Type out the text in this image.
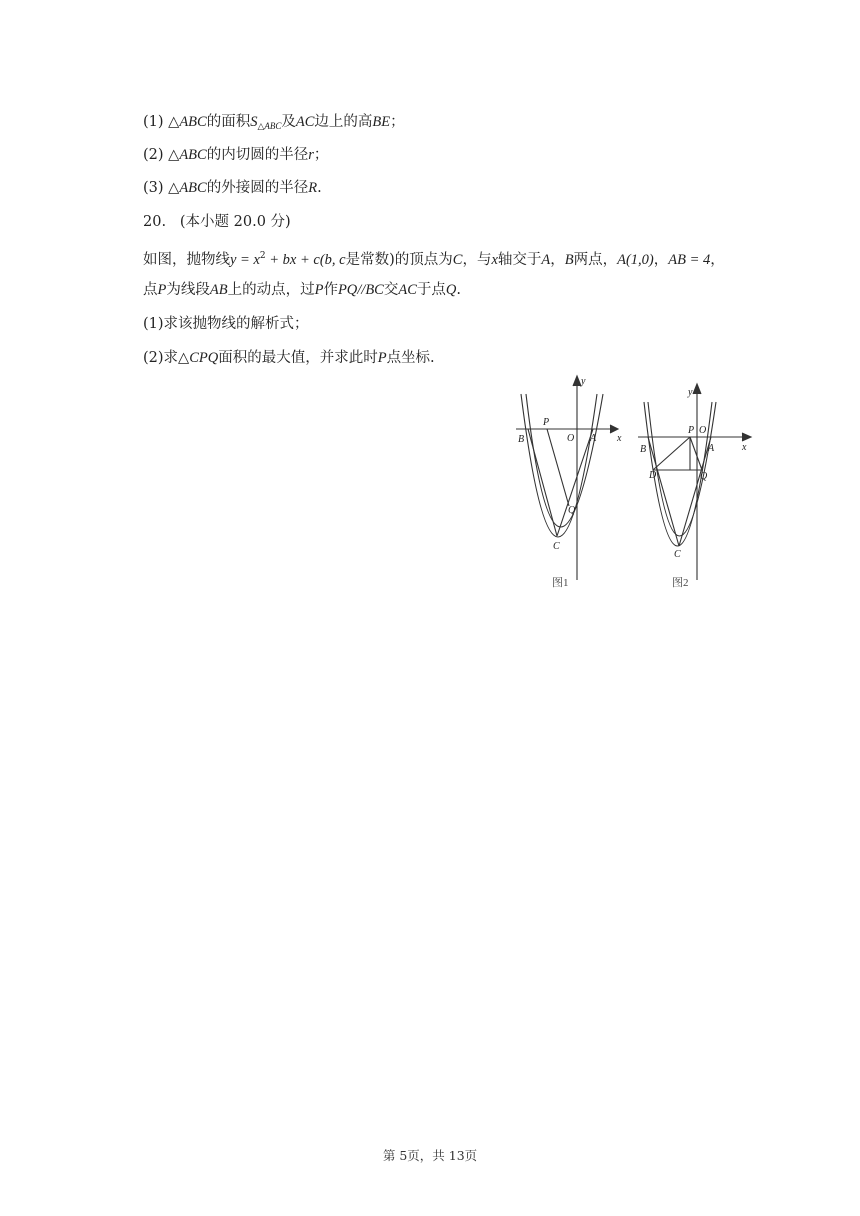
(1) △ABC的面积$S_{\triangle ABC}$及AC边上的高BE；
(2) △ABC的内切圆的半径r；
(3) △ABC的外接圆的半径R.
20. (本小题 20.0 分)
如图，抛物线$y = x^2$ + bx + c(b, c是常数)的顶点为C，与x轴交于A，B两点，A(1,0)，AB = 4，
点P为线段AB上的动点，过P作PQ//BC交AC于点Q.
(1)求该抛物线的解析式；
(2)求△CPQ面积的最大值，并求此时P点坐标.
y
x
B
P
O A
Q
C
图1
y
x
B
P O
A
D	Q
C
图2
第 5页，共 13页
